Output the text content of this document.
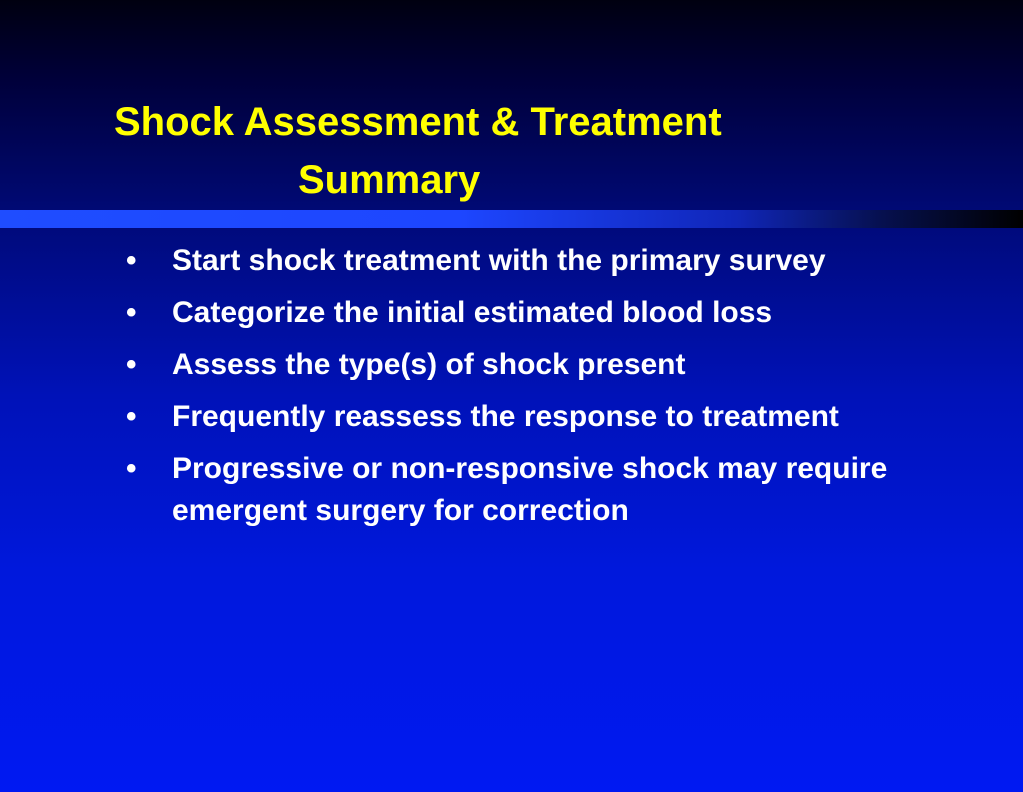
Shock Assessment & Treatment
Summary
•	Start shock treatment with the primary survey
•	Categorize the initial estimated blood loss
•	Assess the type(s) of shock present
•	Frequently reassess the response to treatment
•	Progressive or non-responsive shock may require emergent surgery for correction
